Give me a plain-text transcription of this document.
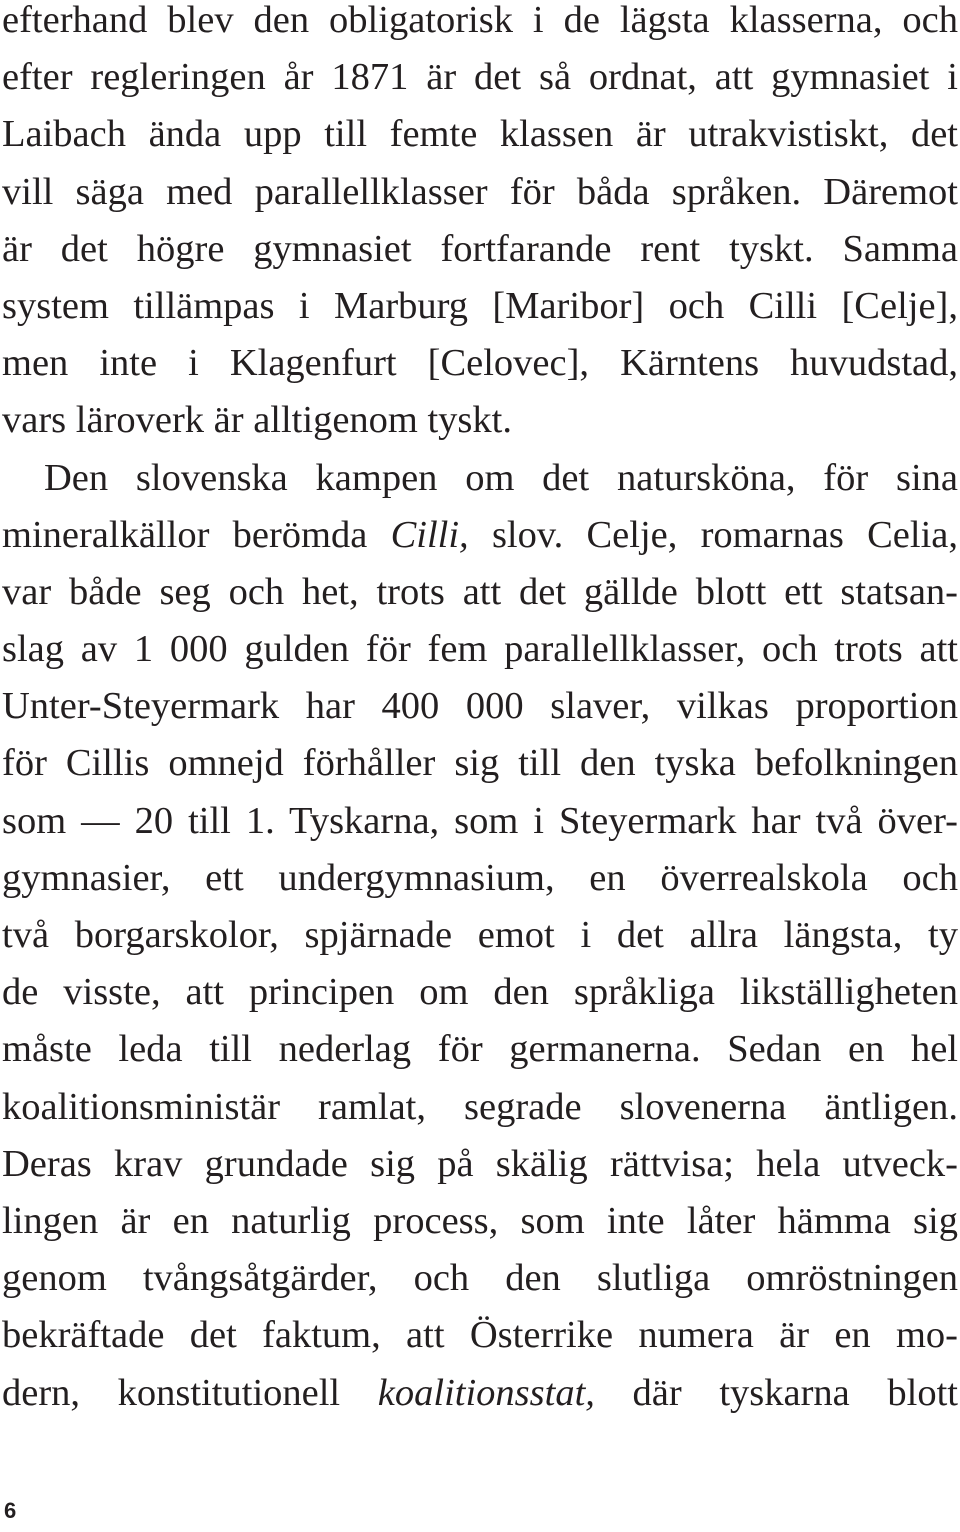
efterhand blev den obligatorisk i de lägsta klasserna, och
efter regleringen år 1871 är det så ordnat, att gymnasiet i
Laibach ända upp till femte klassen är utrakvistiskt, det
vill säga med parallellklasser för båda språken. Däremot
är det högre gymnasiet fortfarande rent tyskt. Samma
system tillämpas i Marburg [Maribor] och Cilli [Celje],
men inte i Klagenfurt [Celovec], Kärntens huvudstad,
vars läroverk är alltigenom tyskt.
Den slovenska kampen om det natursköna, för sina
mineralkällor berömda Cilli, slov. Celje, romarnas Celia,
var både seg och het, trots att det gällde blott ett statsan-
slag av 1 000 gulden för fem parallellklasser, och trots att
Unter-Steyermark har 400 000 slaver, vilkas proportion
för Cillis omnejd förhåller sig till den tyska befolkningen
som — 20 till 1. Tyskarna, som i Steyermark har två över-
gymnasier, ett undergymnasium, en överrealskola och
två borgarskolor, spjärnade emot i det allra längsta, ty
de visste, att principen om den språkliga likställigheten
måste leda till nederlag för germanerna. Sedan en hel
koalitionsministär ramlat, segrade slovenerna äntligen.
Deras krav grundade sig på skälig rättvisa; hela utveck-
lingen är en naturlig process, som inte låter hämma sig
genom tvångsåtgärder, och den slutliga omröstningen
bekräftade det faktum, att Österrike numera är en mo-
dern, konstitutionell koalitionsstat, där tyskarna blott
6
